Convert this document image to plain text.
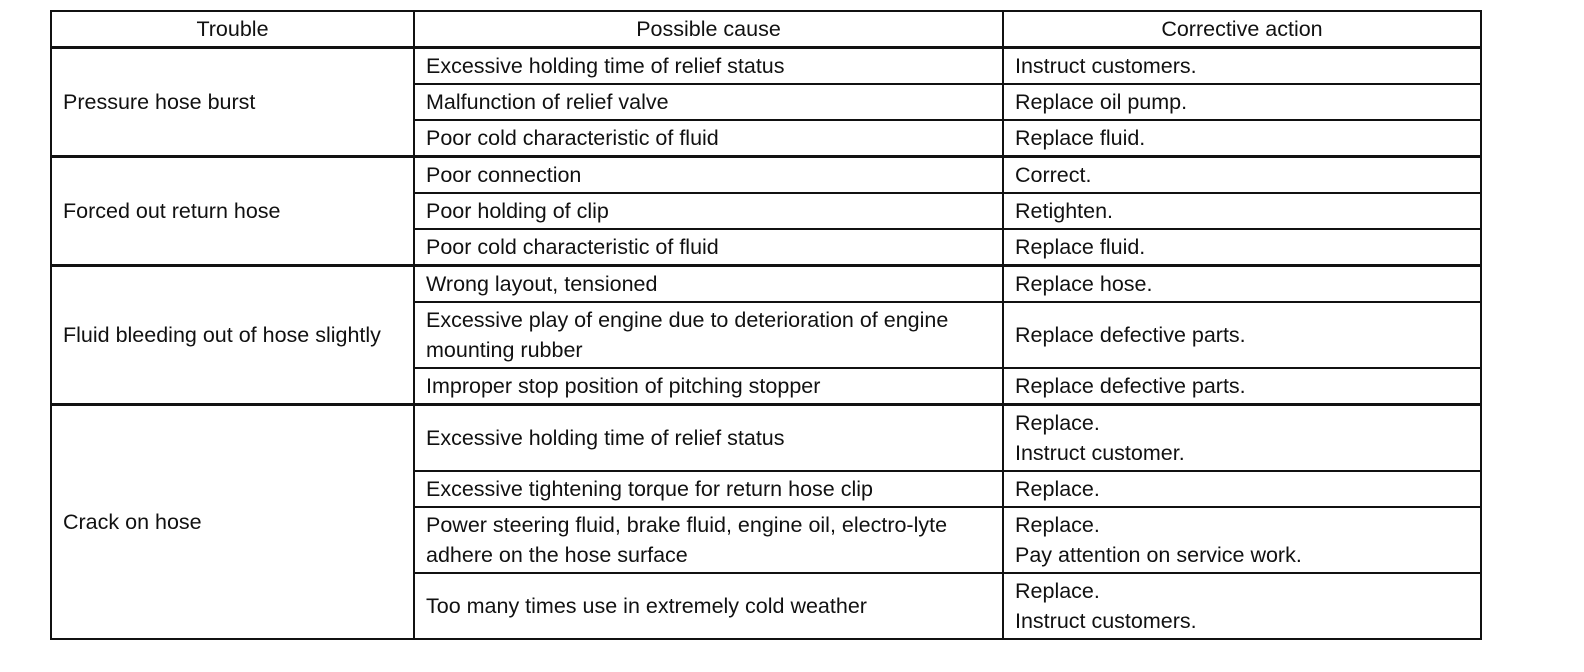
Trouble	Possible cause	Corrective action
Pressure hose burst	Excessive holding time of relief status	Instruct customers.

	Malfunction of relief valve	Replace oil pump.

	Poor cold characteristic of fluid	Replace fluid.

Forced out return hose	Poor connection	Correct.

	Poor holding of clip	Retighten.

	Poor cold characteristic of fluid	Replace fluid.

Fluid bleeding out of hose slightly	Wrong layout, tensioned	Replace hose.

	Excessive play of engine due to deterioration of engine mounting rubber	Replace defective parts.

	Improper stop position of pitching stopper	Replace defective parts.

Crack on hose	Excessive holding time of relief status	Replace.
Instruct customer.

	Excessive tightening torque for return hose clip	Replace.

	Power steering fluid, brake fluid, engine oil, electro-lyte adhere on the hose surface	Replace.
Pay attention on service work.

	Too many times use in extremely cold weather	Replace.
Instruct customers.
